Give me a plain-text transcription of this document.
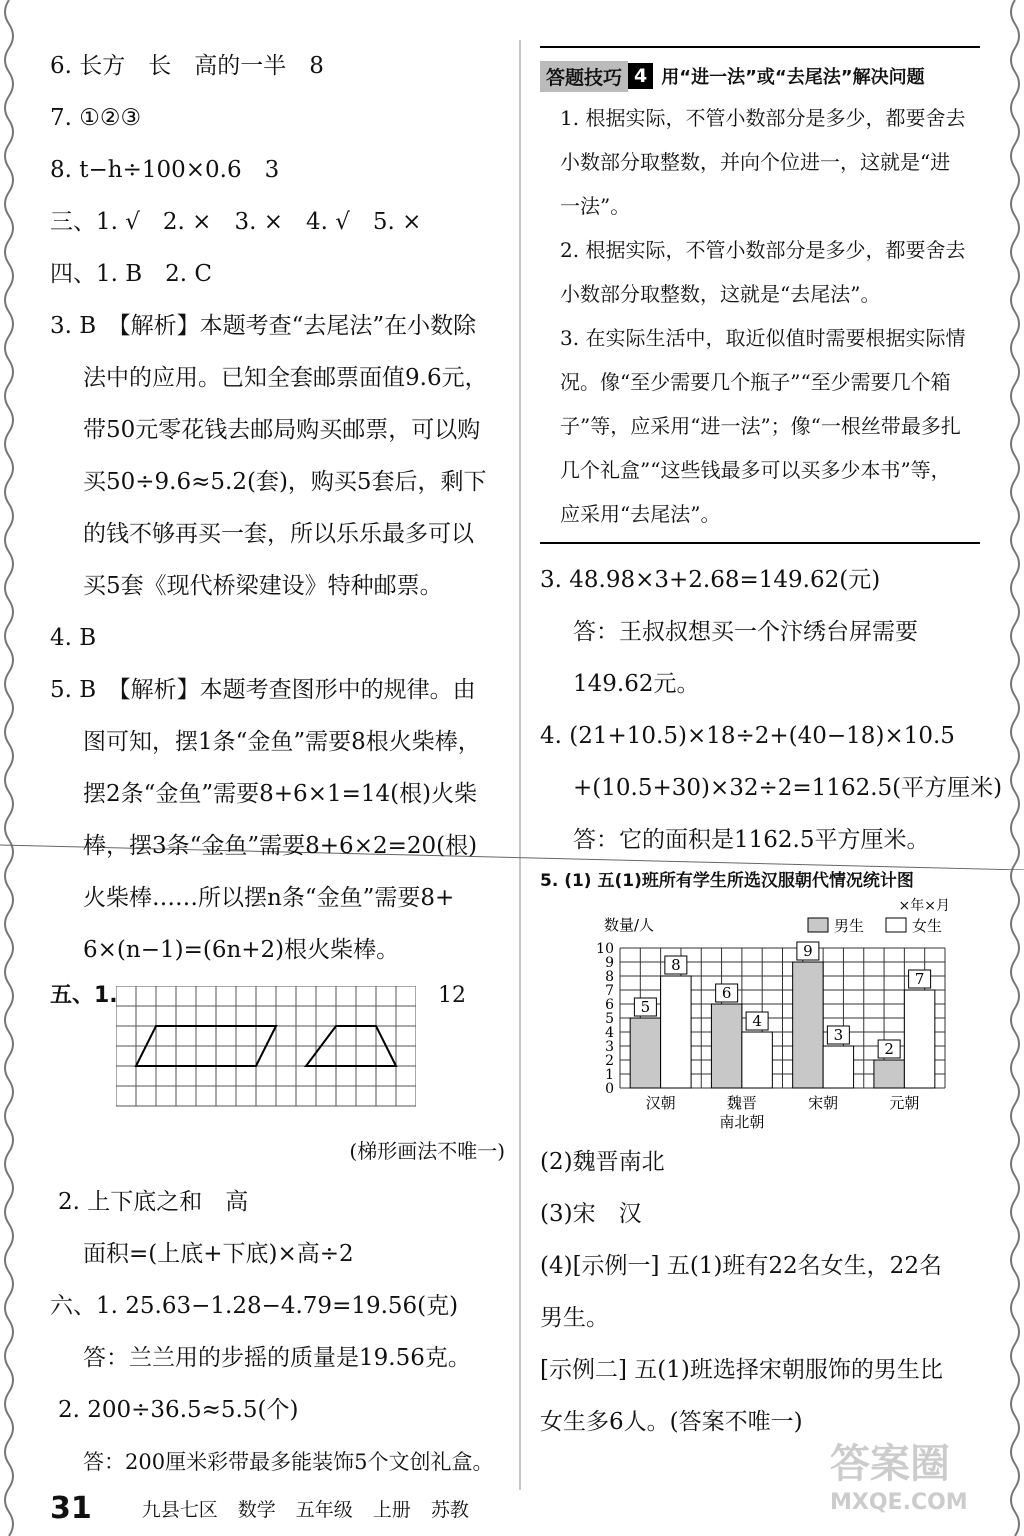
6. 长方　长　高的一半　8
7. ①②③
8. t−h÷100×0.6　3
三、1. √　2. ×　3. ×　4. √　5. ×
四、1. B　2. C
3. B　【解析】本题考查“去尾法”在小数除
法中的应用。已知全套邮票面值9.6元，
带50元零花钱去邮局购买邮票，可以购
买50÷9.6≈5.2(套)，购买5套后，剩下
的钱不够再买一套，所以乐乐最多可以
买5套《现代桥梁建设》特种邮票。
4. B
5. B　【解析】本题考查图形中的规律。由
图可知，摆1条“金鱼”需要8根火柴棒，
摆2条“金鱼”需要8+6×1=14(根)火柴
棒，摆3条“金鱼”需要8+6×2=20(根)
火柴棒……所以摆n条“金鱼”需要8+
6×(n−1)=(6n+2)根火柴棒。
五、1.	12
(梯形画法不唯一)
2. 上下底之和　高
面积=(上底+下底)×高÷2
六、1. 25.63−1.28−4.79=19.56(克)
答：兰兰用的步摇的质量是19.56克。
2. 200÷36.5≈5.5(个)
答：200厘米彩带最多能装饰5个文创礼盒。
答题技巧 4 用“进一法”或“去尾法”解决问题
1. 根据实际，不管小数部分是多少，都要舍去小数部分取整数，并向个位进一，这就是“进一法”。
2. 根据实际，不管小数部分是多少，都要舍去小数部分取整数，这就是“去尾法”。
3. 在实际生活中，取近似值时需要根据实际情况。像“至少需要几个瓶子”“至少需要几个箱子”等，应采用“进一法”；像“一根丝带最多扎几个礼盒”“这些钱最多可以买多少本书”等，应采用“去尾法”。
3. 48.98×3+2.68=149.62(元)
答：王叔叔想买一个汴绣台屏需要
149.62元。
4. (21+10.5)×18÷2+(40−18)×10.5
+(10.5+30)×32÷2=1162.5(平方厘米)
答：它的面积是1162.5平方厘米。
5. (1) 五(1)班所有学生所选汉服朝代情况统计图
×年×月
数量/人	男生	女生
0
1
2
3
4
5
6
7
8
9
10
5
8
6
4
9
3
2
7
汉朝	魏晋
南北朝
宋朝	元朝
(2)魏晋南北
(3)宋　汉
(4)[示例一] 五(1)班有22名女生，22名
男生。
[示例二] 五(1)班选择宋朝服饰的男生比
女生多6人。(答案不唯一)
31	九县七区 数学 五年级 上册 苏教
答案圈
MXQE.COM
